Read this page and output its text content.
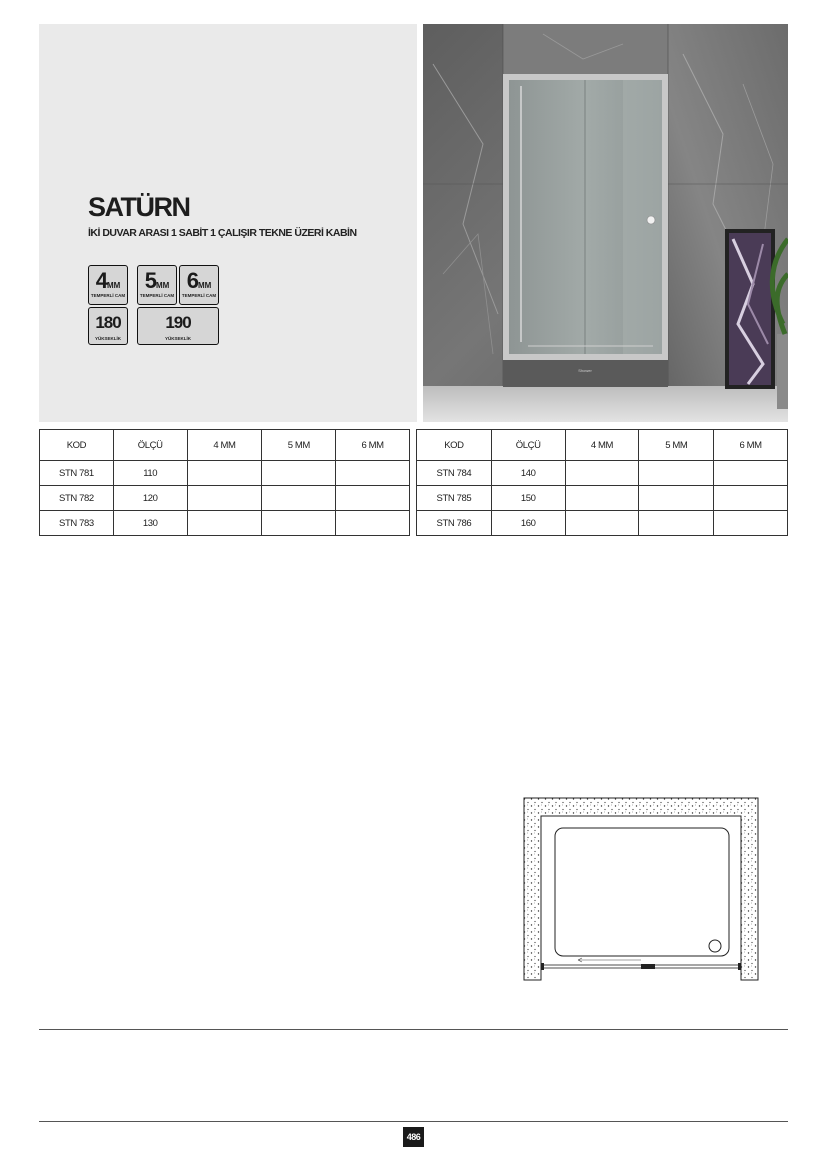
SATÜRN
İKİ DUVAR ARASI 1 SABİT 1 ÇALIŞIR TEKNE ÜZERİ KABİN
4MM
TEMPERLİ CAM
5MM
TEMPERLİ CAM
6MM
TEMPERLİ CAM
180
YÜKSEKLİK
190
YÜKSEKLİK
Shower
KOD	ÖLÇÜ	4 MM	5 MM	6 MM
STN 781	110			
STN 782	120			
STN 783	130			
KOD	ÖLÇÜ	4 MM	5 MM	6 MM
STN 784	140			
STN 785	150			
STN 786	160			
486
